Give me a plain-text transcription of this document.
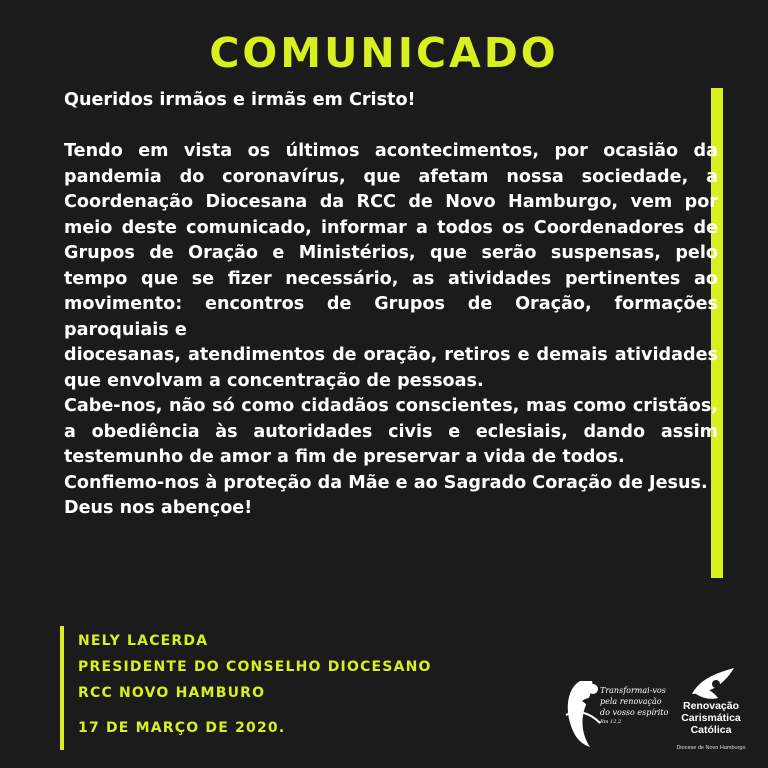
COMUNICADO

Queridos irmãos e irmãs em Cristo!

Tendo em vista os últimos acontecimentos, por ocasião da pandemia do coronavírus, que afetam nossa sociedade, a Coordenação Diocesana da RCC de Novo Hamburgo, vem por meio deste comunicado, informar a todos os Coordenadores de Grupos de Oração e Ministérios, que serão suspensas, pelo tempo que se fizer necessário, as atividades pertinentes ao movimento: encontros de Grupos de Oração, formações paroquiais e

diocesanas, atendimentos de oração, retiros e demais atividades que envolvam a concentração de pessoas.

Cabe-nos, não só como cidadãos conscientes, mas como cristãos, a obediência às autoridades civis e eclesiais, dando assim testemunho de amor a fim de preservar a vida de todos.

Confiemo-nos à proteção da Mãe e ao Sagrado Coração de Jesus.

Deus nos abençoe!

NELY LACERDA
PRESIDENTE DO CONSELHO DIOCESANO
RCC NOVO HAMBURO
17 DE MARÇO DE 2020.
Transformai-vos
pela renovação
do vosso espírito
Rm 12,2
Renovação
Carismática
Católica
Diocese de Novo Hamburgo
